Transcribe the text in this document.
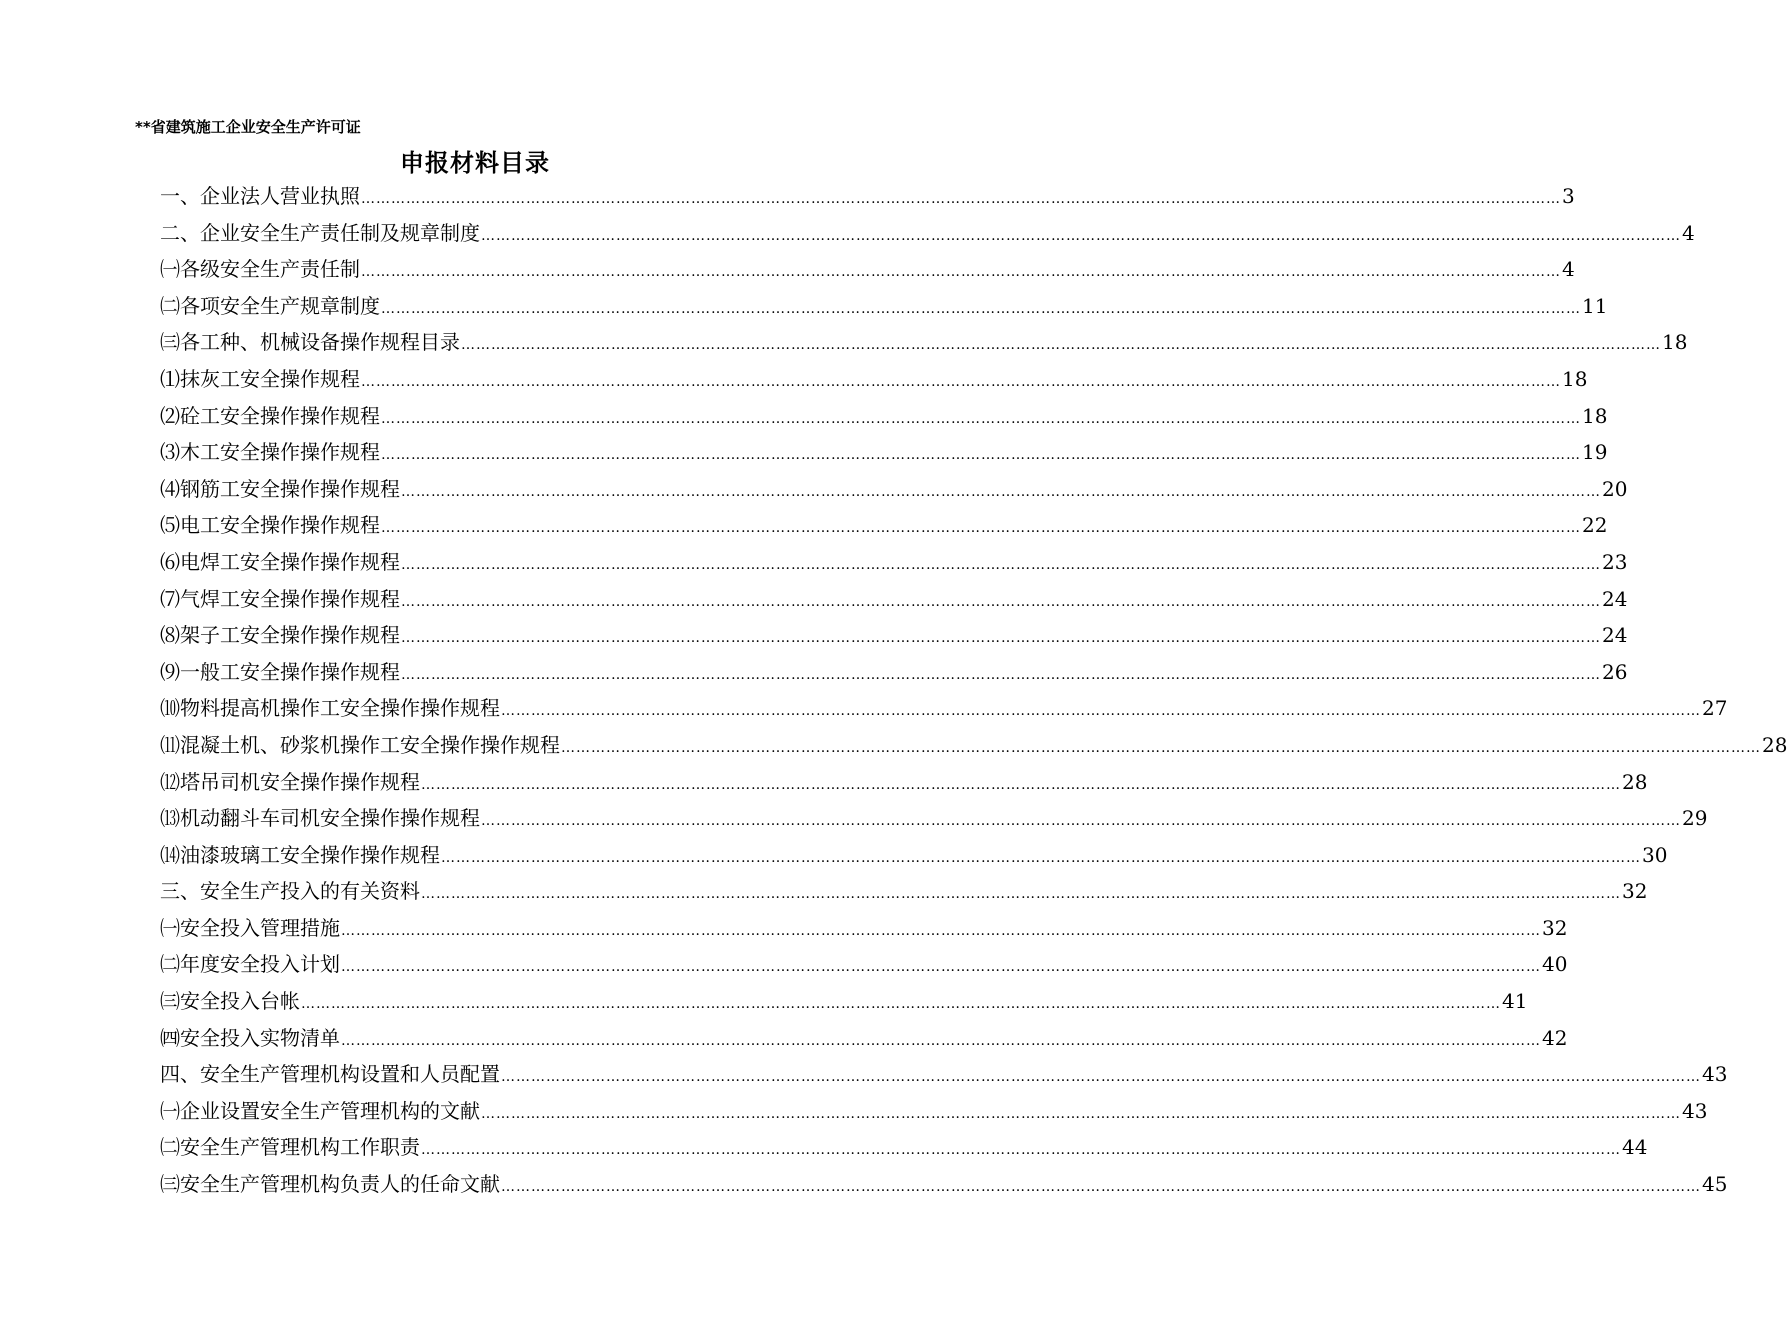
**省建筑施工企业安全生产许可证
申报材料目录
一、企业法人营业执照 …………………………………………………………………………………………………………………………………………………………………………………………………………………… 3
二、企业安全生产责任制及规章制度 …………………………………………………………………………………………………………………………………………………………………………………………………………………… 4
㈠各级安全生产责任制 …………………………………………………………………………………………………………………………………………………………………………………………………………………… 4
㈡各项安全生产规章制度 …………………………………………………………………………………………………………………………………………………………………………………………………………………… 11
㈢各工种、机械设备操作规程目录 …………………………………………………………………………………………………………………………………………………………………………………………………………………… 18
⑴抹灰工安全操作规程 …………………………………………………………………………………………………………………………………………………………………………………………………………………… 18
⑵砼工安全操作操作规程 …………………………………………………………………………………………………………………………………………………………………………………………………………………… 18
⑶木工安全操作操作规程 …………………………………………………………………………………………………………………………………………………………………………………………………………………… 19
⑷钢筋工安全操作操作规程 …………………………………………………………………………………………………………………………………………………………………………………………………………………… 20
⑸电工安全操作操作规程 …………………………………………………………………………………………………………………………………………………………………………………………………………………… 22
⑹电焊工安全操作操作规程 …………………………………………………………………………………………………………………………………………………………………………………………………………………… 23
⑺气焊工安全操作操作规程 …………………………………………………………………………………………………………………………………………………………………………………………………………………… 24
⑻架子工安全操作操作规程 …………………………………………………………………………………………………………………………………………………………………………………………………………………… 24
⑼一般工安全操作操作规程 …………………………………………………………………………………………………………………………………………………………………………………………………………………… 26
⑽物料提高机操作工安全操作操作规程 …………………………………………………………………………………………………………………………………………………………………………………………………………………… 27
⑾混凝土机、砂浆机操作工安全操作操作规程 …………………………………………………………………………………………………………………………………………………………………………………………………………………… 28
⑿塔吊司机安全操作操作规程 …………………………………………………………………………………………………………………………………………………………………………………………………………………… 28
⒀机动翻斗车司机安全操作操作规程 …………………………………………………………………………………………………………………………………………………………………………………………………………………… 29
⒁油漆玻璃工安全操作操作规程 …………………………………………………………………………………………………………………………………………………………………………………………………………………… 30
三、安全生产投入的有关资料 …………………………………………………………………………………………………………………………………………………………………………………………………………………… 32
㈠安全投入管理措施 …………………………………………………………………………………………………………………………………………………………………………………………………………………… 32
㈡年度安全投入计划 …………………………………………………………………………………………………………………………………………………………………………………………………………………… 40
㈢安全投入台帐 …………………………………………………………………………………………………………………………………………………………………………………………………………………… 41
㈣安全投入实物清单 …………………………………………………………………………………………………………………………………………………………………………………………………………………… 42
四、安全生产管理机构设置和人员配置 …………………………………………………………………………………………………………………………………………………………………………………………………………………… 43
㈠企业设置安全生产管理机构的文献 …………………………………………………………………………………………………………………………………………………………………………………………………………………… 43
㈡安全生产管理机构工作职责 …………………………………………………………………………………………………………………………………………………………………………………………………………………… 44
㈢安全生产管理机构负责人的任命文献 …………………………………………………………………………………………………………………………………………………………………………………………………………………… 45
